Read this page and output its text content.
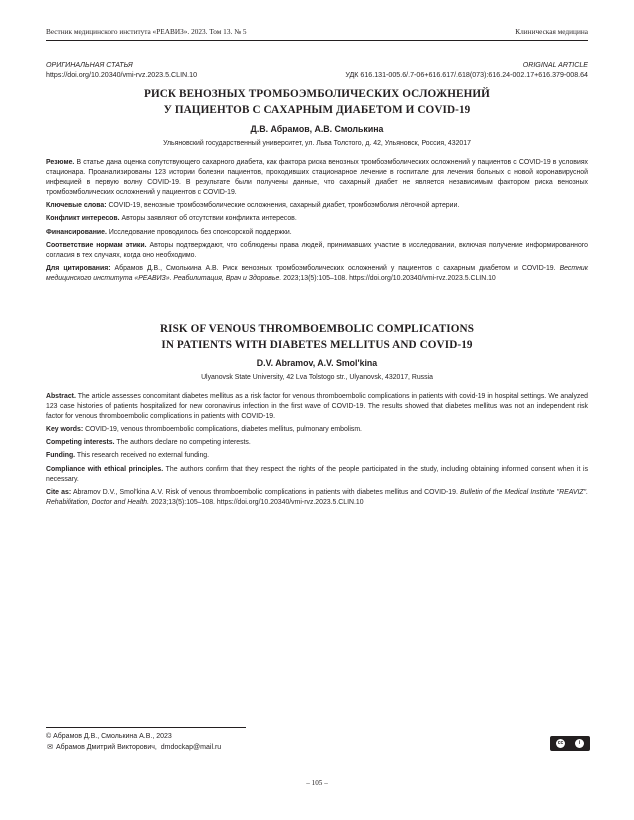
Вестник медицинского института «РЕАВИЗ». 2023. Том 13. № 5	Клиническая медицина
ОРИГИНАЛЬНАЯ СТАТЬЯ	ORIGINAL ARTICLE
https://doi.org/10.20340/vmi-rvz.2023.5.CLIN.10	УДК 616.131-005.6/.7-06+616.617/.618(073):616.24-002.17+616.379-008.64
РИСК ВЕНОЗНЫХ ТРОМБОЭМБОЛИЧЕСКИХ ОСЛОЖНЕНИЙ
У ПАЦИЕНТОВ С САХАРНЫМ ДИАБЕТОМ И COVID-19
Д.В. Абрамов, А.В. Смолькина
Ульяновский государственный университет, ул. Льва Толстого, д. 42, Ульяновск, Россия, 432017

Резюме. В статье дана оценка сопутствующего сахарного диабета, как фактора риска венозных тромбоэмболических осложнений у пациентов с COVID-19 в условиях стационара. Проанализированы 123 истории болезни пациентов, проходивших стационарное лечение в госпитале для лечения больных с новой коронавирусной инфекцией в первую волну COVID-19. В результате были получены данные, что сахарный диабет не является независимым фактором риска венозных тромбоэмболических осложнений у пациентов с COVID-19.

Ключевые слова: COVID-19, венозные тромбоэмболические осложнения, сахарный диабет, тромбоэмболия лёгочной артерии.

Конфликт интересов. Авторы заявляют об отсутствии конфликта интересов.

Финансирование. Исследование проводилось без спонсорской поддержки.

Соответствие нормам этики. Авторы подтверждают, что соблюдены права людей, принимавших участие в исследовании, включая получение информированного согласия в тех случаях, когда оно необходимо.

Для цитирования: Абрамов Д.В., Смолькина А.В. Риск венозных тромбоэмболических осложнений у пациентов с сахарным диабетом и COVID-19. Вестник медицинского института «РЕАВИЗ». Реабилитация, Врач и Здоровье. 2023;13(5):105–108. https://doi.org/10.20340/vmi-rvz.2023.5.CLIN.10

RISK OF VENOUS THROMBOEMBOLIC COMPLICATIONS
IN PATIENTS WITH DIABETES MELLITUS AND COVID-19
D.V. Abramov, A.V. Smol'kina
Ulyanovsk State University, 42 Lva Tolstogo str., Ulyanovsk, 432017, Russia

Abstract. The article assesses concomitant diabetes mellitus as a risk factor for venous thromboembolic complications in patients with covid-19 in hospital settings. We analyzed 123 case histories of patients hospitalized for new coronavirus infection in the first wave of COVID-19. The results showed that diabetes mellitus was not an independent risk factor for venous thromboembolic complications in patients with COVID-19.

Key words: COVID-19, venous thromboembolic complications, diabetes mellitus, pulmonary embolism.

Competing interests. The authors declare no competing interests.

Funding. This research received no external funding.

Compliance with ethical principles. The authors confirm that they respect the rights of the people participated in the study, including obtaining informed consent when it is necessary.

Cite as: Abramov D.V., Smol'kina A.V. Risk of venous thromboembolic complications in patients with diabetes mellitus and COVID-19. Bulletin of the Medical Institute "REAVIZ". Rehabilitation, Doctor and Health. 2023;13(5):105–108. https://doi.org/10.20340/vmi-rvz.2023.5.CLIN.10

© Абрамов Д.В., Смолькина А.В., 2023
✉ Абрамов Дмитрий Викторович, dmdockap@mail.ru
cc	i
– 105 –
